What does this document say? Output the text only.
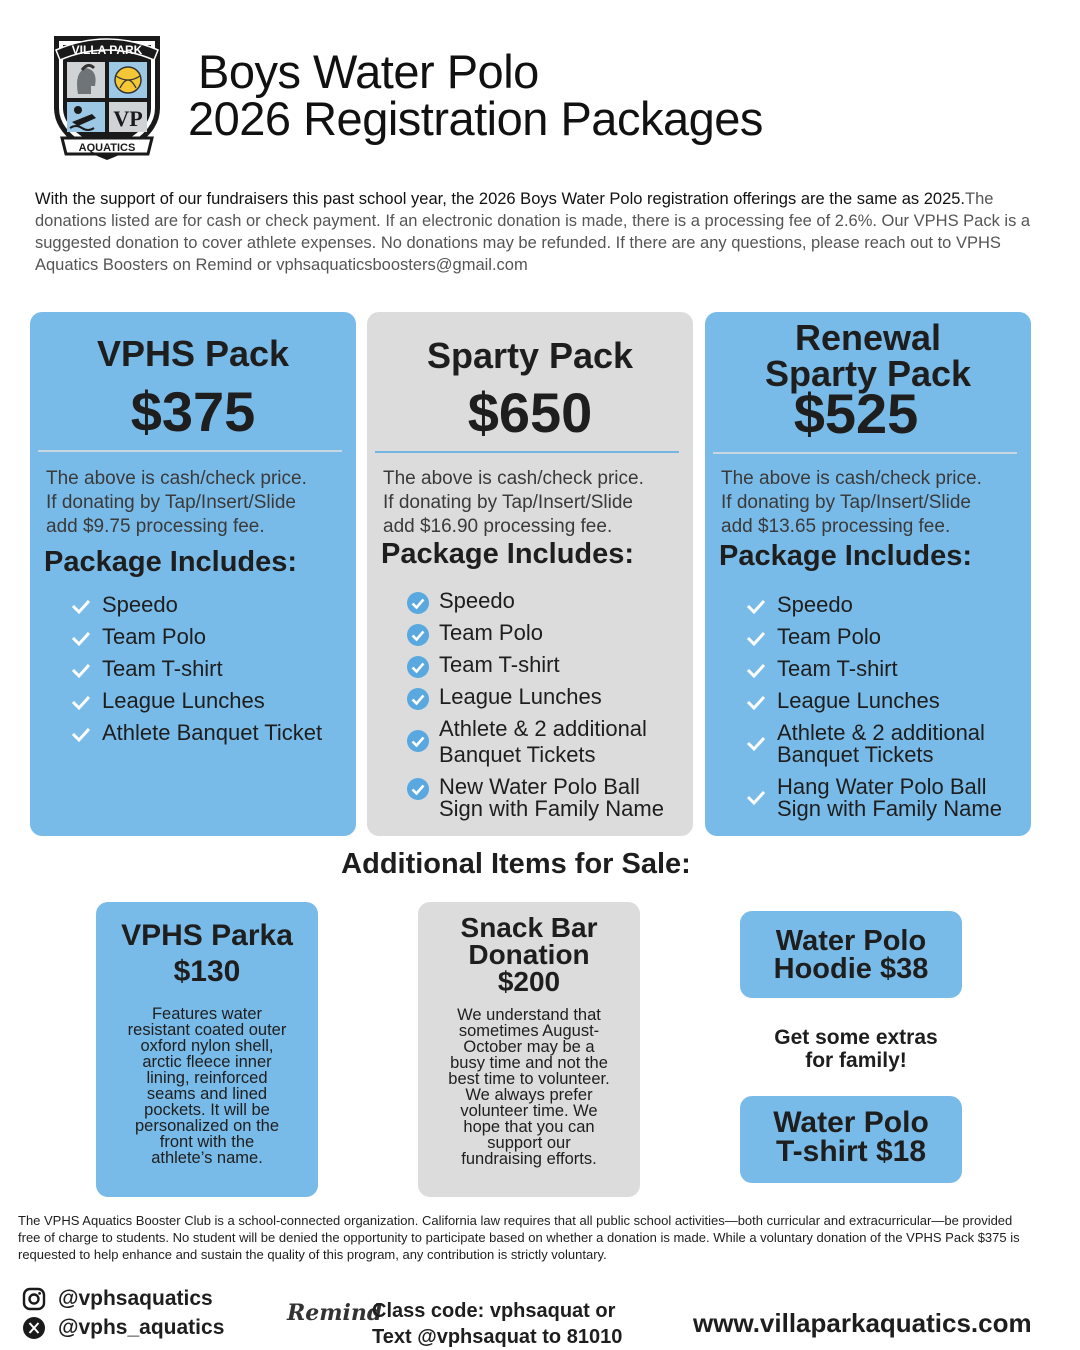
VILLA PARK
VP
AQUATICS
Boys Water Polo
2026 Registration Packages

With the support of our fundraisers this past school year, the 2026 Boys Water Polo registration offerings are the same as 2025.The donations listed are for cash or check payment. If an electronic donation is made, there is a processing fee of 2.6%. Our VPHS Pack is a suggested donation to cover athlete expenses. No donations may be refunded. If there are any questions, please reach out to VPHS Aquatics Boosters on Remind or vphsaquaticsboosters@gmail.com

VPHS Pack
$375
The above is cash/check price.
If donating by Tap/Insert/Slide
add $9.75 processing fee.
Package Includes:
Speedo
Team Polo
Team T-shirt
League Lunches
Athlete Banquet Ticket
Sparty Pack
$650
The above is cash/check price.
If donating by Tap/Insert/Slide
add $16.90 processing fee.
Package Includes:
Speedo
Team Polo
Team T-shirt
League Lunches
Athlete & 2 additional
Banquet Tickets
New Water Polo Ball
Sign with Family Name
Renewal
Sparty Pack
$525
The above is cash/check price.
If donating by Tap/Insert/Slide
add $13.65 processing fee.
Package Includes:
Speedo
Team Polo
Team T-shirt
League Lunches
Athlete & 2 additional
Banquet Tickets
Hang Water Polo Ball
Sign with Family Name
Additional Items for Sale:
VPHS Parka
$130
Features water
resistant coated outer
oxford nylon shell,
arctic fleece inner
lining, reinforced
seams and lined
pockets. It will be
personalized on the
front with the
athlete’s name.
Snack Bar
Donation
$200
We understand that
sometimes August-
October may be a
busy time and not the
best time to volunteer.
We always prefer
volunteer time. We
hope that you can
support our
fundraising efforts.
Water Polo
Hoodie $38
Get some extras
for family!
Water Polo
T-shirt $18

The VPHS Aquatics Booster Club is a school-connected organization. California law requires that all public school activities—both curricular and extracurricular—be provided free of charge to students. No student will be denied the opportunity to participate based on whether a donation is made. While a voluntary donation of the VPHS Pack $375 is requested to help enhance and sustain the quality of this program, any contribution is strictly voluntary.

@vphsaquatics
@vphs_aquatics
Remind
Class code: vphsaquat or
Text @vphsaquat to 81010	www.villaparkaquatics.com
